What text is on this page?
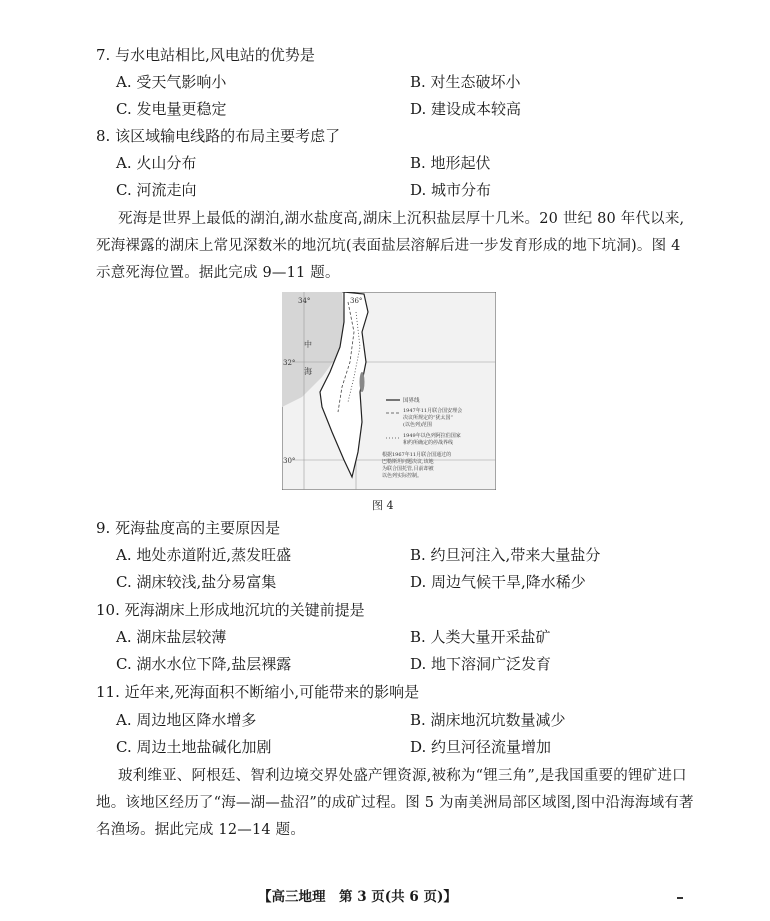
7. 与水电站相比,风电站的优势是
A. 受天气影响小	B. 对生态破坏小
C. 发电量更稳定	D. 建设成本较高
8. 该区域输电线路的布局主要考虑了
A. 火山分布	B. 地形起伏
C. 河流走向	D. 城市分布
死海是世界上最低的湖泊,湖水盐度高,湖床上沉积盐层厚十几米。20 世纪 80 年代以来,
死海裸露的湖床上常见深数米的地沉坑(表面盐层溶解后进一步发育形成的地下坑洞)。图 4
示意死海位置。据此完成 9—11 题。
34°	36°
32°
30°
中
海
国界线
1947年11月联合国安理会
决议所规定的“犹太国”
(以色列)范围
1949年以色列阿拉伯国家
和约所确定的停战界线
根据1967年11月联合国通过的
巴勒斯坦问题决议,该地
为联合国托管,目前却被
以色列实际控制。
图 4
9. 死海盐度高的主要原因是
A. 地处赤道附近,蒸发旺盛	B. 约旦河注入,带来大量盐分
C. 湖床较浅,盐分易富集	D. 周边气候干旱,降水稀少
10. 死海湖床上形成地沉坑的关键前提是
A. 湖床盐层较薄	B. 人类大量开采盐矿
C. 湖水水位下降,盐层裸露	D. 地下溶洞广泛发育
11. 近年来,死海面积不断缩小,可能带来的影响是
A. 周边地区降水增多	B. 湖床地沉坑数量减少
C. 周边土地盐碱化加剧	D. 约旦河径流量增加
玻利维亚、阿根廷、智利边境交界处盛产锂资源,被称为“锂三角”,是我国重要的锂矿进口
地。该地区经历了“海—湖—盐沼”的成矿过程。图 5 为南美洲局部区域图,图中沿海海域有著
名渔场。据此完成 12—14 题。
【高三地理　第 3 页(共 6 页)】
